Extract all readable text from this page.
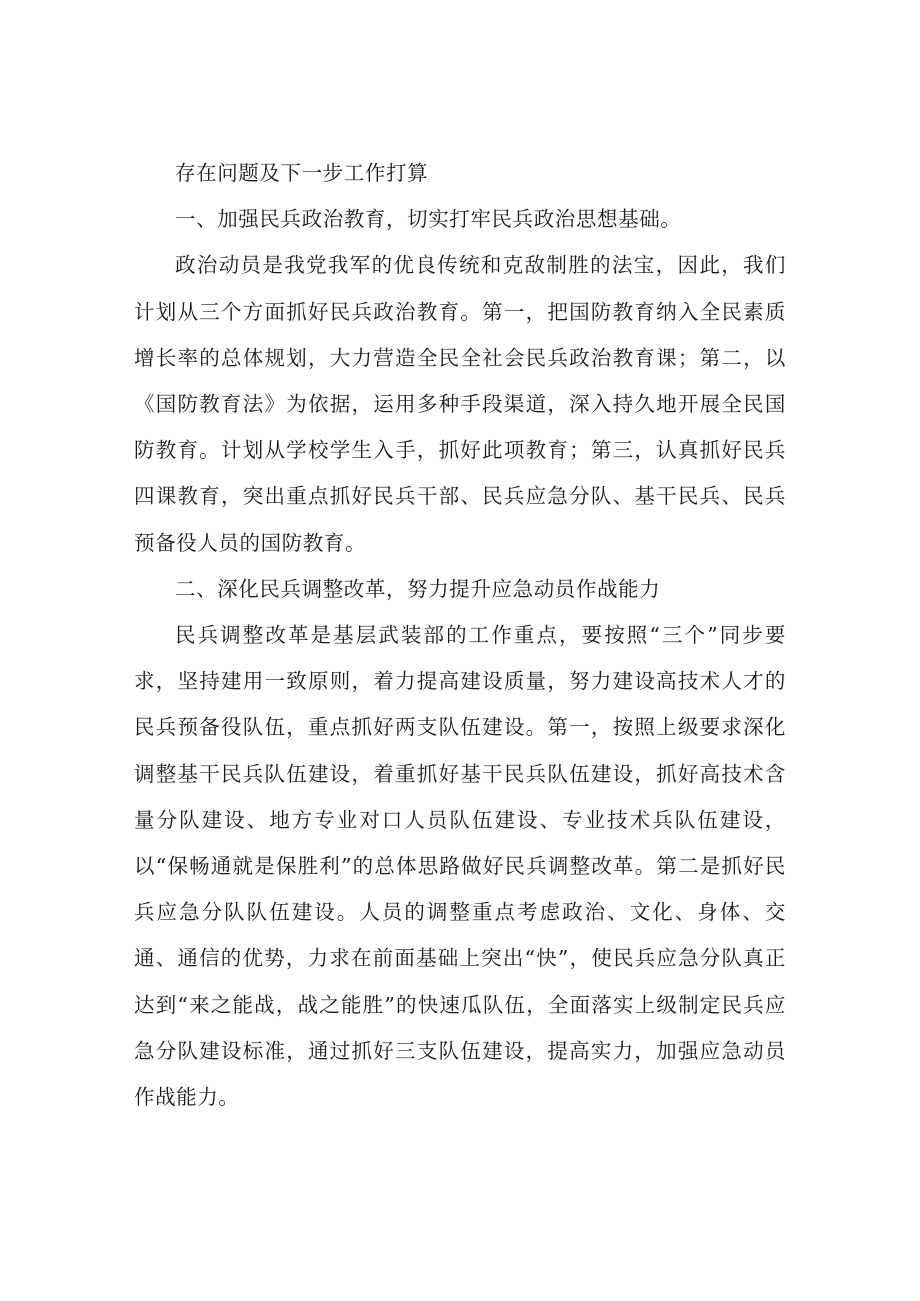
存在问题及下一步工作打算

一、加强民兵政治教育，切实打牢民兵政治思想基础。

政治动员是我党我军的优良传统和克敌制胜的法宝，因此，我们计划从三个方面抓好民兵政治教育。第一，把国防教育纳入全民素质增长率的总体规划，大力营造全民全社会民兵政治教育课；第二，以《国防教育法》为依据，运用多种手段渠道，深入持久地开展全民国防教育。计划从学校学生入手，抓好此项教育；第三，认真抓好民兵四课教育，突出重点抓好民兵干部、民兵应急分队、基干民兵、民兵预备役人员的国防教育。

二、深化民兵调整改革，努力提升应急动员作战能力

民兵调整改革是基层武装部的工作重点，要按照“三个”同步要求，坚持建用一致原则，着力提高建设质量，努力建设高技术人才的民兵预备役队伍，重点抓好两支队伍建设。第一，按照上级要求深化调整基干民兵队伍建设，着重抓好基干民兵队伍建设，抓好高技术含量分队建设、地方专业对口人员队伍建设、专业技术兵队伍建设，以“保畅通就是保胜利”的总体思路做好民兵调整改革。第二是抓好民兵应急分队队伍建设。人员的调整重点考虑政治、文化、身体、交通、通信的优势，力求在前面基础上突出“快”，使民兵应急分队真正达到“来之能战，战之能胜”的快速瓜队伍，全面落实上级制定民兵应急分队建设标准，通过抓好三支队伍建设，提高实力，加强应急动员作战能力。
